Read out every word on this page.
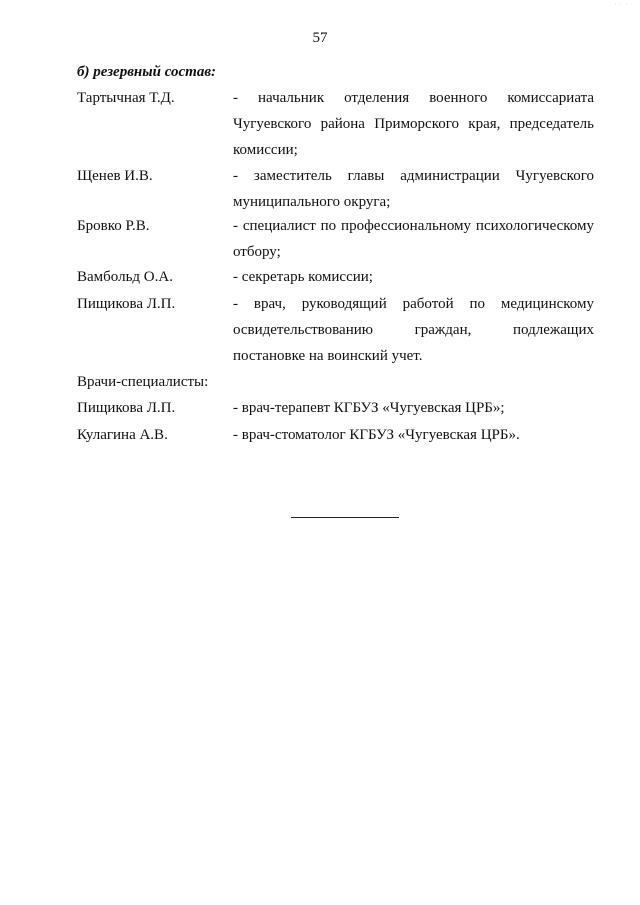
· · · ·
57
б) резервный состав:
Тартычная Т.Д.	- начальник отделения военного комиссариата Чугуевского района Приморского края, председатель комиссии;
Щенев И.В.	- заместитель главы администрации Чугуевского муниципального округа;
Бровко Р.В.	- специалист по профессиональному психологическому отбору;
Вамбольд О.А.	- секретарь комиссии;
Пищикова Л.П.	- врач, руководящий работой по медицинскому освидетельствованию граждан, подлежащих постановке на воинский учет.
Врачи-специалисты:
Пищикова Л.П.	- врач-терапевт КГБУЗ «Чугуевская ЦРБ»;
Кулагина А.В.	- врач-стоматолог КГБУЗ «Чугуевская ЦРБ».
